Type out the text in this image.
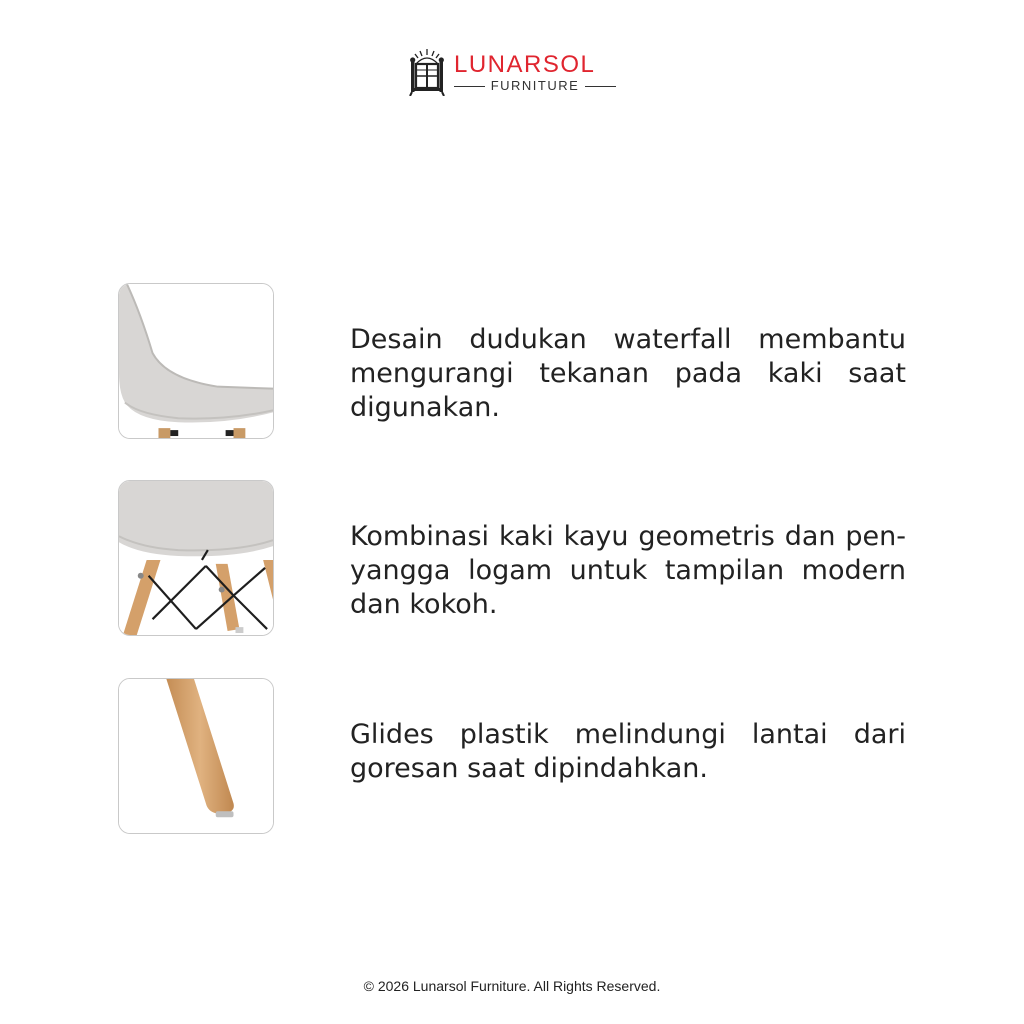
LUNARSOL
FURNITURE
Desain dudukan waterfall membantu mengurangi tekanan pada kaki saat digunakan.
Kombinasi kaki kayu geometris dan pen-yangga logam untuk tampilan modern dan kokoh.
Glides plastik melindungi lantai dari goresan saat dipindahkan.
© 2026 Lunarsol Furniture. All Rights Reserved.
